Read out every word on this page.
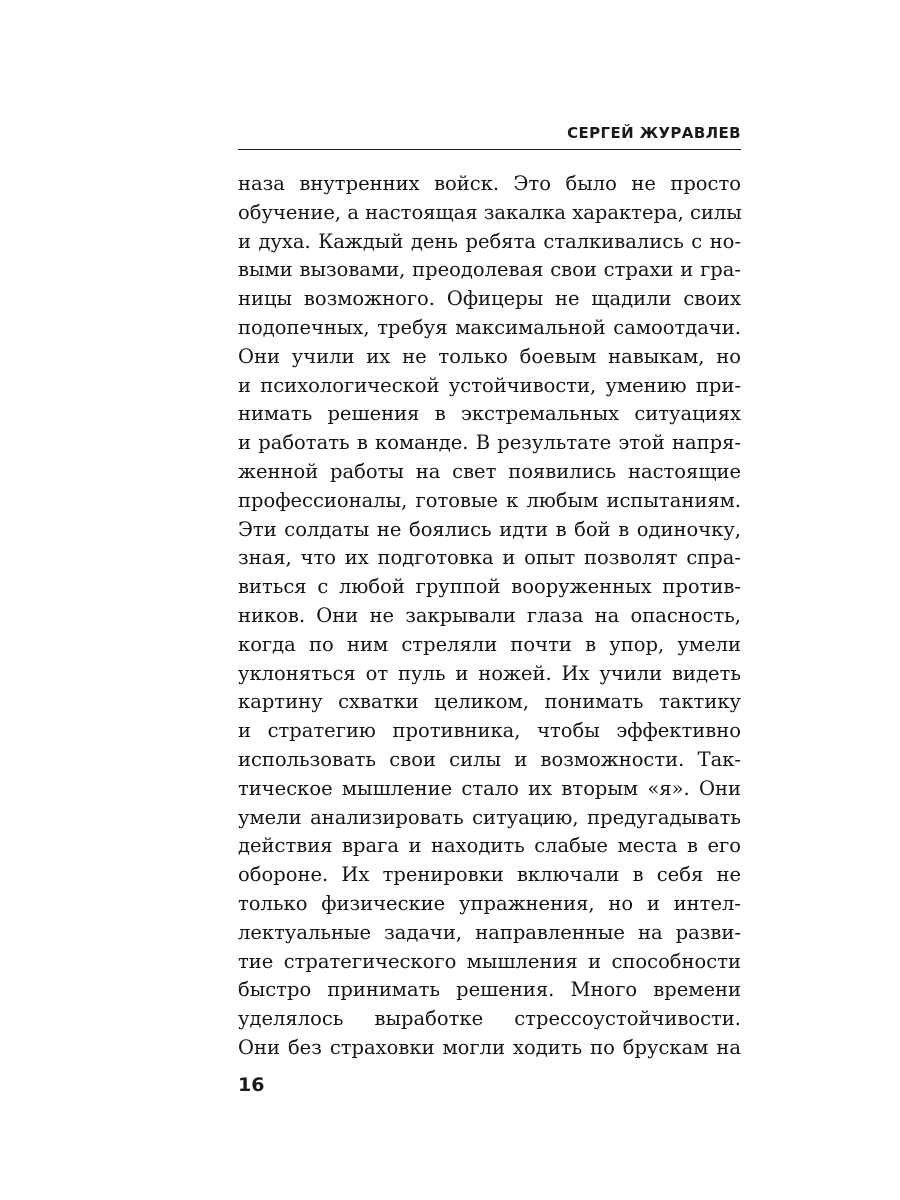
СЕРГЕЙ ЖУРАВЛЕВ
наза внутренних войск. Это было не просто
обучение, а настоящая закалка характера, силы
и духа. Каждый день ребята сталкивались с но-
выми вызовами, преодолевая свои страхи и гра-
ницы возможного. Офицеры не щадили своих
подопечных, требуя максимальной самоотдачи.
Они учили их не только боевым навыкам, но
и психологической устойчивости, умению при-
нимать решения в экстремальных ситуациях
и работать в команде. В результате этой напря-
женной работы на свет появились настоящие
профессионалы, готовые к любым испытаниям.
Эти солдаты не боялись идти в бой в одиночку,
зная, что их подготовка и опыт позволят спра-
виться с любой группой вооруженных против-
ников. Они не закрывали глаза на опасность,
когда по ним стреляли почти в упор, умели
уклоняться от пуль и ножей. Их учили видеть
картину схватки целиком, понимать тактику
и стратегию противника, чтобы эффективно
использовать свои силы и возможности. Так-
тическое мышление стало их вторым «я». Они
умели анализировать ситуацию, предугадывать
действия врага и находить слабые места в его
обороне. Их тренировки включали в себя не
только физические упражнения, но и интел-
лектуальные задачи, направленные на разви-
тие стратегического мышления и способности
быстро принимать решения. Много времени
уделялось выработке стрессоустойчивости.
Они без страховки могли ходить по брускам на
16
